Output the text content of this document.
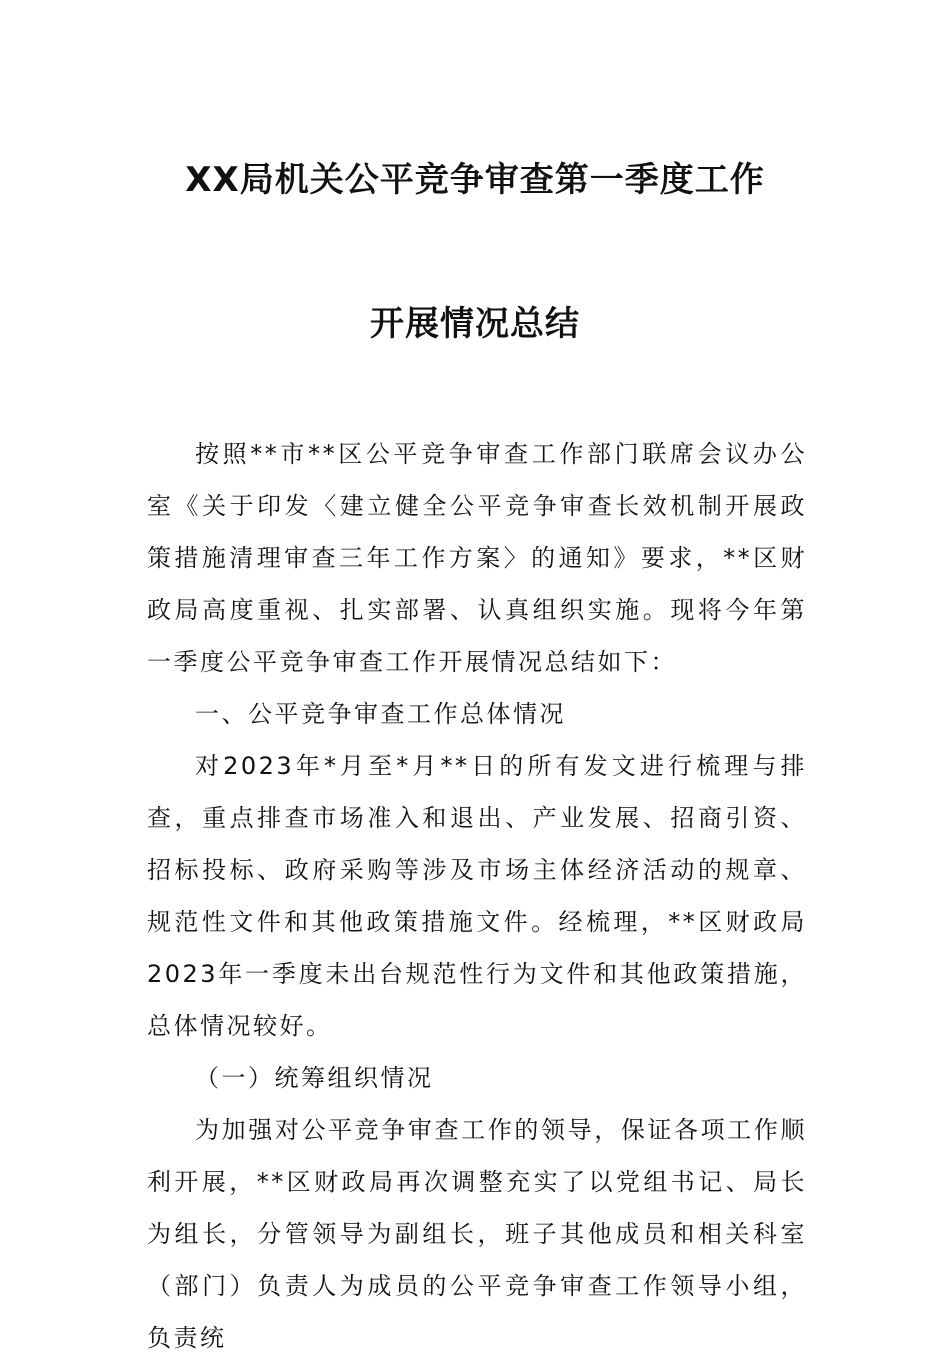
XX局机关公平竞争审查第一季度工作
开展情况总结

按照**市**区公平竞争审查工作部门联席会议办公室《关于印发〈建立健全公平竞争审查长效机制开展政策措施清理审查三年工作方案〉的通知》要求，**区财政局高度重视、扎实部署、认真组织实施。现将今年第一季度公平竞争审查工作开展情况总结如下：

一、公平竞争审查工作总体情况

对2023年*月至*月**日的所有发文进行梳理与排查，重点排查市场准入和退出、产业发展、招商引资、招标投标、政府采购等涉及市场主体经济活动的规章、规范性文件和其他政策措施文件。经梳理，**区财政局2023年一季度未出台规范性行为文件和其他政策措施，总体情况较好。

（一）统筹组织情况

为加强对公平竞争审查工作的领导，保证各项工作顺利开展，**区财政局再次调整充实了以党组书记、局长为组长，分管领导为副组长，班子其他成员和相关科室（部门）负责人为成员的公平竞争审查工作领导小组，负责统
